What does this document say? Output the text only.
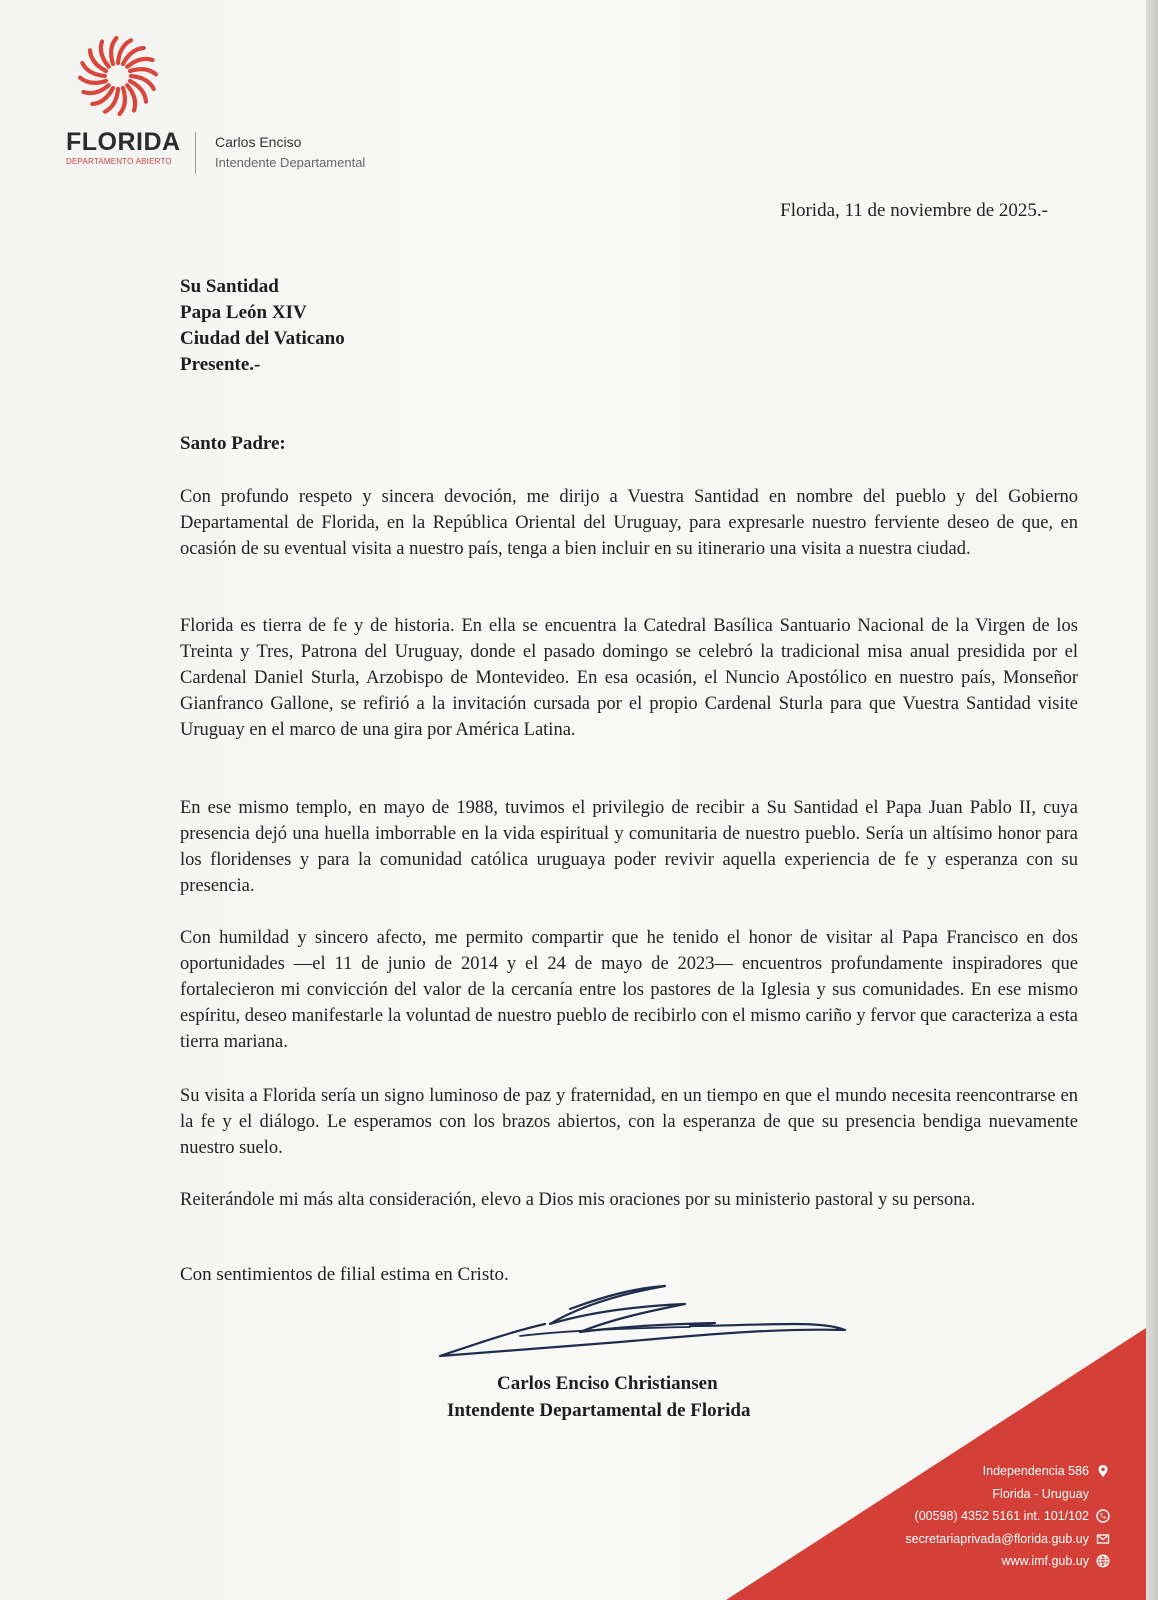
FLORIDA
DEPARTAMENTO ABIERTO
Carlos Enciso
Intendente Departamental
Florida, 11 de noviembre de 2025.-
Su Santidad
Papa León XIV
Ciudad del Vaticano
Presente.-
Santo Padre:
Con profundo respeto y sincera devoción, me dirijo a Vuestra Santidad en nombre del pueblo y del Gobierno Departamental de Florida, en la República Oriental del Uruguay, para expresarle nuestro ferviente deseo de que, en ocasión de su eventual visita a nuestro país, tenga a bien incluir en su itinerario una visita a nuestra ciudad.
Florida es tierra de fe y de historia. En ella se encuentra la Catedral Basílica Santuario Nacional de la Virgen de los Treinta y Tres, Patrona del Uruguay, donde el pasado domingo se celebró la tradicional misa anual presidida por el Cardenal Daniel Sturla, Arzobispo de Montevideo. En esa ocasión, el Nuncio Apostólico en nuestro país, Monseñor Gianfranco Gallone, se refirió a la invitación cursada por el propio Cardenal Sturla para que Vuestra Santidad visite Uruguay en el marco de una gira por América Latina.
En ese mismo templo, en mayo de 1988, tuvimos el privilegio de recibir a Su Santidad el Papa Juan Pablo II, cuya presencia dejó una huella imborrable en la vida espiritual y comunitaria de nuestro pueblo. Sería un altísimo honor para los floridenses y para la comunidad católica uruguaya poder revivir aquella experiencia de fe y esperanza con su presencia.
Con humildad y sincero afecto, me permito compartir que he tenido el honor de visitar al Papa Francisco en dos oportunidades —el 11 de junio de 2014 y el 24 de mayo de 2023— encuentros profundamente inspiradores que fortalecieron mi convicción del valor de la cercanía entre los pastores de la Iglesia y sus comunidades. En ese mismo espíritu, deseo manifestarle la voluntad de nuestro pueblo de recibirlo con el mismo cariño y fervor que caracteriza a esta tierra mariana.
Su visita a Florida sería un signo luminoso de paz y fraternidad, en un tiempo en que el mundo necesita reencontrarse en la fe y el diálogo. Le esperamos con los brazos abiertos, con la esperanza de que su presencia bendiga nuevamente nuestro suelo.
Reiterándole mi más alta consideración, elevo a Dios mis oraciones por su ministerio pastoral y su persona.
Con sentimientos de filial estima en Cristo.
Carlos Enciso Christiansen
Intendente Departamental de Florida
Independencia 586
Florida - Uruguay
(00598) 4352 5161 int. 101/102
secretariaprivada@florida.gub.uy
www.imf.gub.uy
